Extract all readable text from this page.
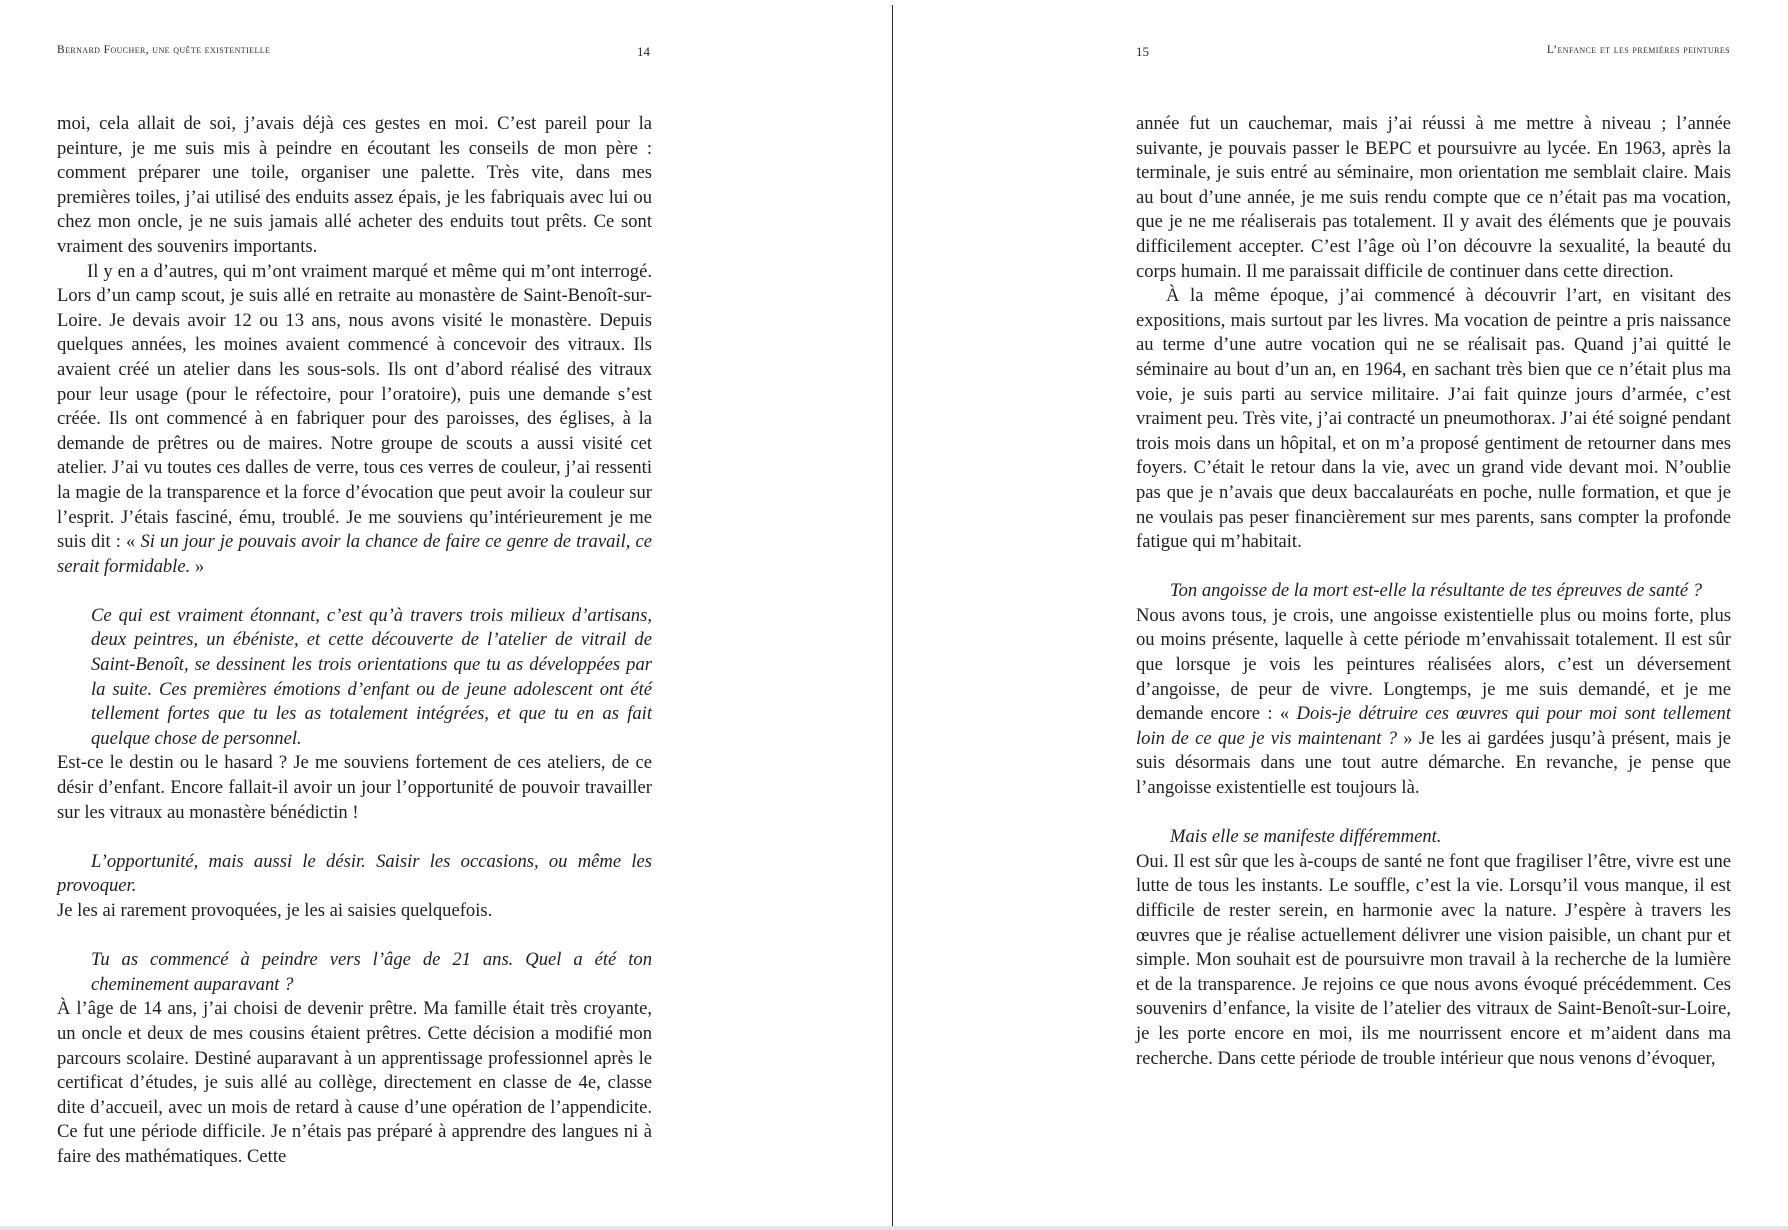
Bernard Foucher, une quête existentielle	14

moi, cela allait de soi, j’avais déjà ces gestes en moi. C’est pareil pour la peinture, je me suis mis à peindre en écoutant les conseils de mon père : comment préparer une toile, organiser une palette. Très vite, dans mes premières toiles, j’ai utilisé des enduits assez épais, je les fabriquais avec lui ou chez mon oncle, je ne suis jamais allé acheter des enduits tout prêts. Ce sont vraiment des souvenirs importants.

Il y en a d’autres, qui m’ont vraiment marqué et même qui m’ont interrogé. Lors d’un camp scout, je suis allé en retraite au monastère de Saint-Benoît-sur-Loire. Je devais avoir 12 ou 13 ans, nous avons visité le monastère. Depuis quelques années, les moines avaient commencé à concevoir des vitraux. Ils avaient créé un atelier dans les sous-sols. Ils ont d’abord réalisé des vitraux pour leur usage (pour le réfectoire, pour l’oratoire), puis une demande s’est créée. Ils ont commencé à en fabriquer pour des paroisses, des églises, à la demande de prêtres ou de maires. Notre groupe de scouts a aussi visité cet atelier. J’ai vu toutes ces dalles de verre, tous ces verres de couleur, j’ai ressenti la magie de la transparence et la force d’évocation que peut avoir la couleur sur l’esprit. J’étais fasciné, ému, troublé. Je me souviens qu’intérieurement je me suis dit : « Si un jour je pouvais avoir la chance de faire ce genre de travail, ce serait formidable. »

Ce qui est vraiment étonnant, c’est qu’à travers trois milieux d’artisans, deux peintres, un ébéniste, et cette découverte de l’atelier de vitrail de Saint-Benoît, se dessinent les trois orientations que tu as développées par la suite. Ces premières émotions d’enfant ou de jeune adolescent ont été tellement fortes que tu les as totalement intégrées, et que tu en as fait quelque chose de personnel.

Est-ce le destin ou le hasard ? Je me souviens fortement de ces ateliers, de ce désir d’enfant. Encore fallait-il avoir un jour l’opportunité de pouvoir travailler sur les vitraux au monastère bénédictin !

L’opportunité, mais aussi le désir. Saisir les occasions, ou même les provoquer.

Je les ai rarement provoquées, je les ai saisies quelquefois.

Tu as commencé à peindre vers l’âge de 21 ans. Quel a été ton cheminement auparavant ?

À l’âge de 14 ans, j’ai choisi de devenir prêtre. Ma famille était très croyante, un oncle et deux de mes cousins étaient prêtres. Cette décision a modifié mon parcours scolaire. Destiné auparavant à un apprentissage professionnel après le certificat d’études, je suis allé au collège, directement en classe de 4e, classe dite d’accueil, avec un mois de retard à cause d’une opération de l’appendicite. Ce fut une période difficile. Je n’étais pas préparé à apprendre des langues ni à faire des mathématiques. Cette

15	L’enfance et les premières peintures

année fut un cauchemar, mais j’ai réussi à me mettre à niveau ; l’année suivante, je pouvais passer le BEPC et poursuivre au lycée. En 1963, après la terminale, je suis entré au séminaire, mon orientation me semblait claire. Mais au bout d’une année, je me suis rendu compte que ce n’était pas ma vocation, que je ne me réaliserais pas totalement. Il y avait des éléments que je pouvais difficilement accepter. C’est l’âge où l’on découvre la sexualité, la beauté du corps humain. Il me paraissait difficile de continuer dans cette direction.

À la même époque, j’ai commencé à découvrir l’art, en visitant des expositions, mais surtout par les livres. Ma vocation de peintre a pris naissance au terme d’une autre vocation qui ne se réalisait pas. Quand j’ai quitté le séminaire au bout d’un an, en 1964, en sachant très bien que ce n’était plus ma voie, je suis parti au service militaire. J’ai fait quinze jours d’armée, c’est vraiment peu. Très vite, j’ai contracté un pneumothorax. J’ai été soigné pendant trois mois dans un hôpital, et on m’a proposé gentiment de retourner dans mes foyers. C’était le retour dans la vie, avec un grand vide devant moi. N’oublie pas que je n’avais que deux baccalauréats en poche, nulle formation, et que je ne voulais pas peser financièrement sur mes parents, sans compter la profonde fatigue qui m’habitait.

Ton angoisse de la mort est-elle la résultante de tes épreuves de santé ?

Nous avons tous, je crois, une angoisse existentielle plus ou moins forte, plus ou moins présente, laquelle à cette période m’envahissait totalement. Il est sûr que lorsque je vois les peintures réalisées alors, c’est un déversement d’angoisse, de peur de vivre. Longtemps, je me suis demandé, et je me demande encore : « Dois-je détruire ces œuvres qui pour moi sont tellement loin de ce que je vis maintenant ? » Je les ai gardées jusqu’à présent, mais je suis désormais dans une tout autre démarche. En revanche, je pense que l’angoisse existentielle est toujours là.

Mais elle se manifeste différemment.

Oui. Il est sûr que les à-coups de santé ne font que fragiliser l’être, vivre est une lutte de tous les instants. Le souffle, c’est la vie. Lorsqu’il vous manque, il est difficile de rester serein, en harmonie avec la nature. J’espère à travers les œuvres que je réalise actuellement délivrer une vision paisible, un chant pur et simple. Mon souhait est de poursuivre mon travail à la recherche de la lumière et de la transparence. Je rejoins ce que nous avons évoqué précédemment. Ces souvenirs d’enfance, la visite de l’atelier des vitraux de Saint-Benoît-sur-Loire, je les porte encore en moi, ils me nourrissent encore et m’aident dans ma recherche. Dans cette période de trouble intérieur que nous venons d’évoquer,
